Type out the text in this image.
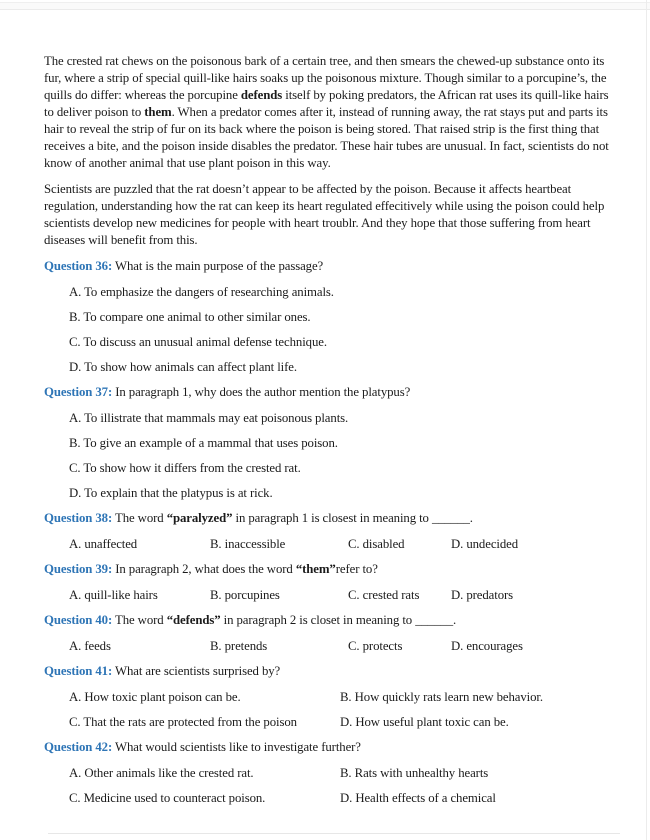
The crested rat chews on the poisonous bark of a certain tree, and then smears the chewed-up substance onto its fur, where a strip of special quill-like hairs soaks up the poisonous mixture. Though similar to a porcupine’s, the quills do differ: whereas the porcupine defends itself by poking predators, the African rat uses its quill-like hairs to deliver poison to them. When a predator comes after it, instead of running away, the rat stays put and parts its hair to reveal the strip of fur on its back where the poison is being stored. That raised strip is the first thing that receives a bite, and the poison inside disables the predator. These hair tubes are unusual. In fact, scientists do not know of another animal that use plant poison in this way.

Scientists are puzzled that the rat doesn’t appear to be affected by the poison. Because it affects heartbeat regulation, understanding how the rat can keep its heart regulated effecitively while using the poison could help scientists develop new medicines for people with heart troublr. And they hope that those suffering from heart diseases will benefit from this.

Question 36: What is the main purpose of the passage?
A. To emphasize the dangers of researching animals.
B. To compare one animal to other similar ones.
C. To discuss an unusual animal defense technique.
D. To show how animals can affect plant life.
Question 37: In paragraph 1, why does the author mention the platypus?
A. To illistrate that mammals may eat poisonous plants.
B. To give an example of a mammal that uses poison.
C. To show how it differs from the crested rat.
D. To explain that the platypus is at rick.
Question 38: The word “paralyzed” in paragraph 1 is closest in meaning to ______.
A. unaffected	B. inaccessible	C. disabled	D. undecided
Question 39: In paragraph 2, what does the word “them”refer to?
A. quill-like hairs	B. porcupines	C. crested rats	D. predators
Question 40: The word “defends” in paragraph 2 is closet in meaning to ______.
A. feeds	B. pretends	C. protects	D. encourages
Question 41: What are scientists surprised by?
A. How toxic plant poison can be.	B. How quickly rats learn new behavior.
C. That the rats are protected from the poison	D. How useful plant toxic can be.
Question 42: What would scientists like to investigate further?
A. Other animals like the crested rat.	B. Rats with unhealthy hearts
C. Medicine used to counteract poison.	D. Health effects of a chemical
